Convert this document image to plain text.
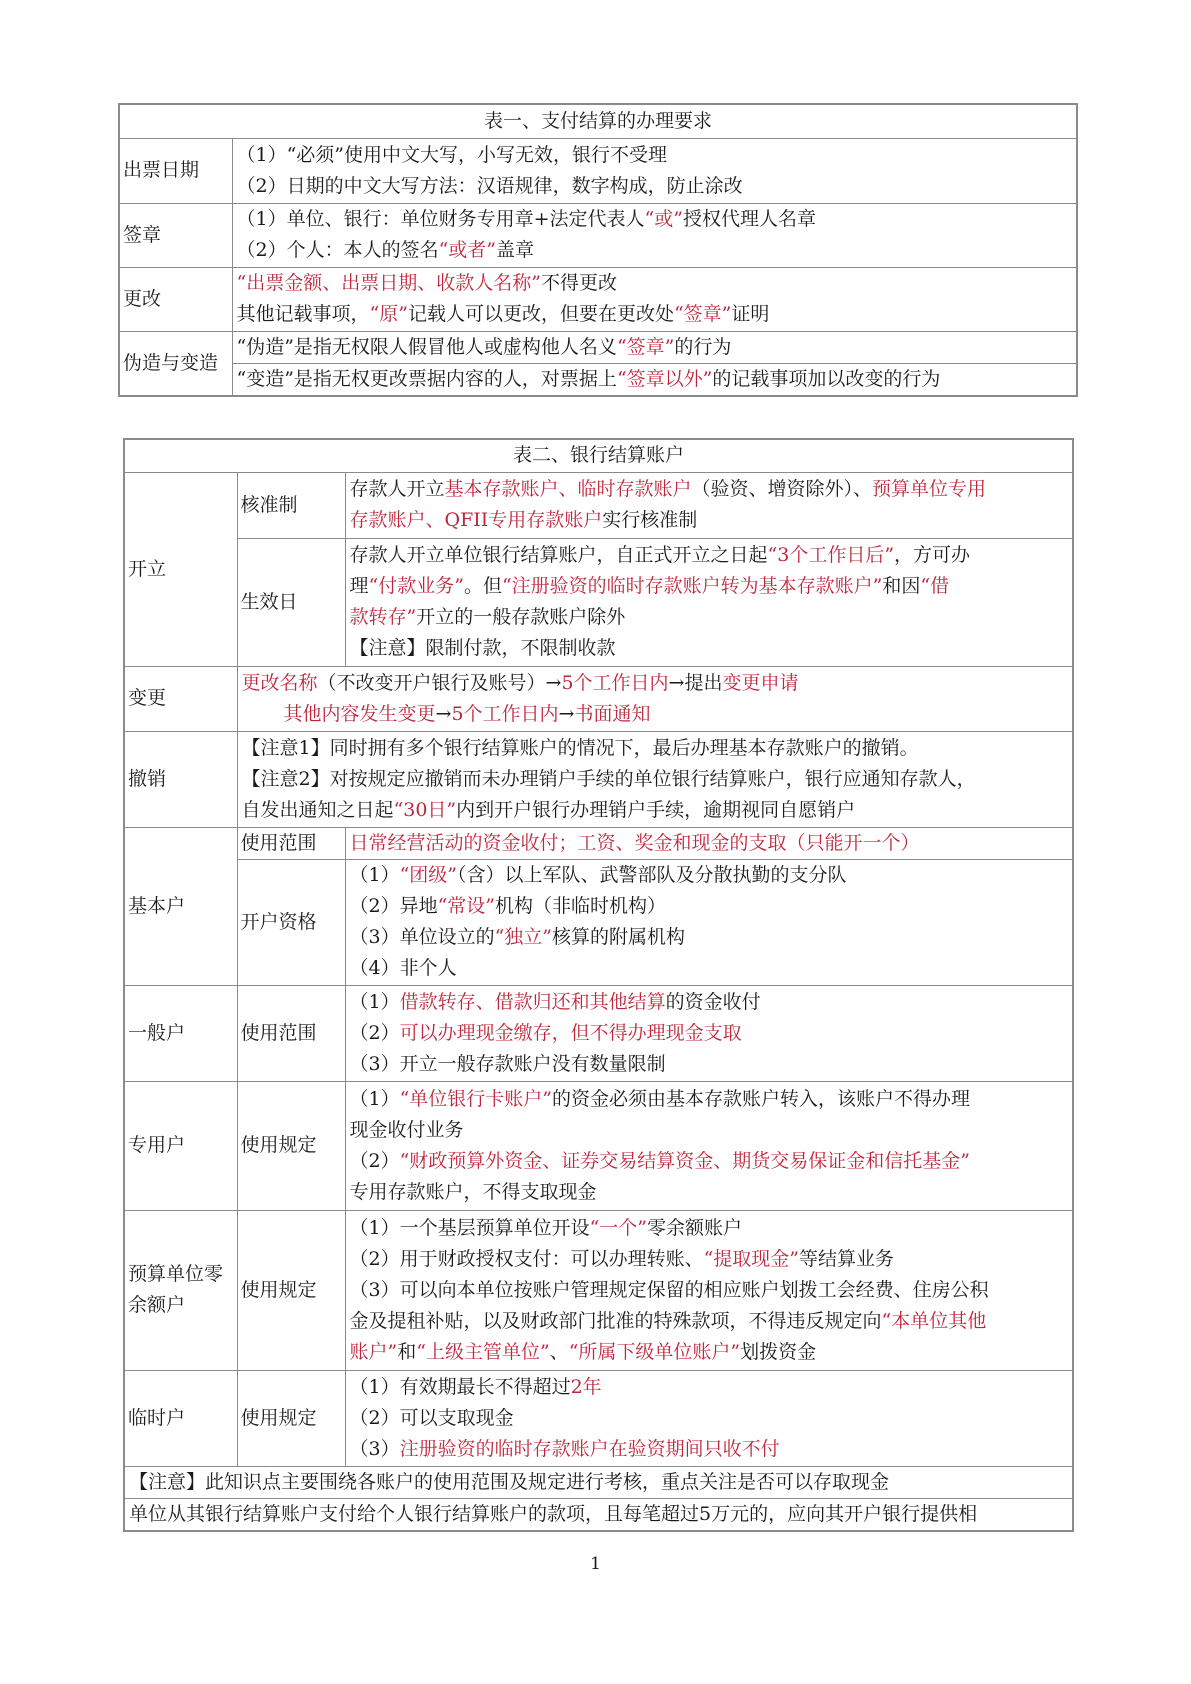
表一、支付结算的办理要求	
出票日期	（1）“必须”使用中文大写，小写无效，银行不受理
（2）日期的中文大写方法：汉语规律，数字构成，防止涂改

签章	（1）单位、银行：单位财务专用章+法定代表人“或”授权代理人名章
（2）个人：本人的签名“或者”盖章

更改	“出票金额、出票日期、收款人名称”不得更改
其他记载事项，“原”记载人可以更改，但要在更改处“签章”证明

伪造与变造	“伪造”是指无权限人假冒他人或虚构他人名义“签章”的行为

	“变造”是指无权更改票据内容的人，对票据上“签章以外”的记载事项加以改变的行为
表二、银行结算账户		
开立	核准制	存款人开立基本存款账户、临时存款账户（验资、增资除外）、预算单位专用
存款账户、QFII专用存款账户实行核准制

	生效日	存款人开立单位银行结算账户，自正式开立之日起“3个工作日后”，方可办
理“付款业务”。但“注册验资的临时存款账户转为基本存款账户”和因“借
款转存”开立的一般存款账户除外
【注意】限制付款，不限制收款

变更	更改名称（不改变开户银行及账号）→5个工作日内→提出变更申请
其他内容发生变更→5个工作日内→书面通知	

撤销	【注意1】同时拥有多个银行结算账户的情况下，最后办理基本存款账户的撤销。
【注意2】对按规定应撤销而未办理销户手续的单位银行结算账户，银行应通知存款人，
自发出通知之日起“30日”内到开户银行办理销户手续，逾期视同自愿销户	

基本户	使用范围	日常经营活动的资金收付；工资、奖金和现金的支取（只能开一个）

	开户资格	（1）“团级”（含）以上军队、武警部队及分散执勤的支分队
（2）异地“常设”机构（非临时机构）
（3）单位设立的“独立”核算的附属机构
（4）非个人

一般户	使用范围	（1）借款转存、借款归还和其他结算的资金收付
（2）可以办理现金缴存，但不得办理现金支取
（3）开立一般存款账户没有数量限制

专用户	使用规定	（1）“单位银行卡账户”的资金必须由基本存款账户转入，该账户不得办理
现金收付业务
（2）“财政预算外资金、证券交易结算资金、期货交易保证金和信托基金”
专用存款账户，不得支取现金

预算单位零余额户	使用规定	（1）一个基层预算单位开设“一个”零余额账户
（2）用于财政授权支付：可以办理转账、“提取现金”等结算业务
（3）可以向本单位按账户管理规定保留的相应账户划拨工会经费、住房公积
金及提租补贴，以及财政部门批准的特殊款项，不得违反规定向“本单位其他
账户”和“上级主管单位”、“所属下级单位账户”划拨资金

临时户	使用规定	（1）有效期最长不得超过2年
（2）可以支取现金
（3）注册验资的临时存款账户在验资期间只收不付

【注意】此知识点主要围绕各账户的使用范围及规定进行考核，重点关注是否可以存取现金		

单位从其银行结算账户支付给个人银行结算账户的款项，且每笔超过5万元的，应向其开户银行提供相		
1
